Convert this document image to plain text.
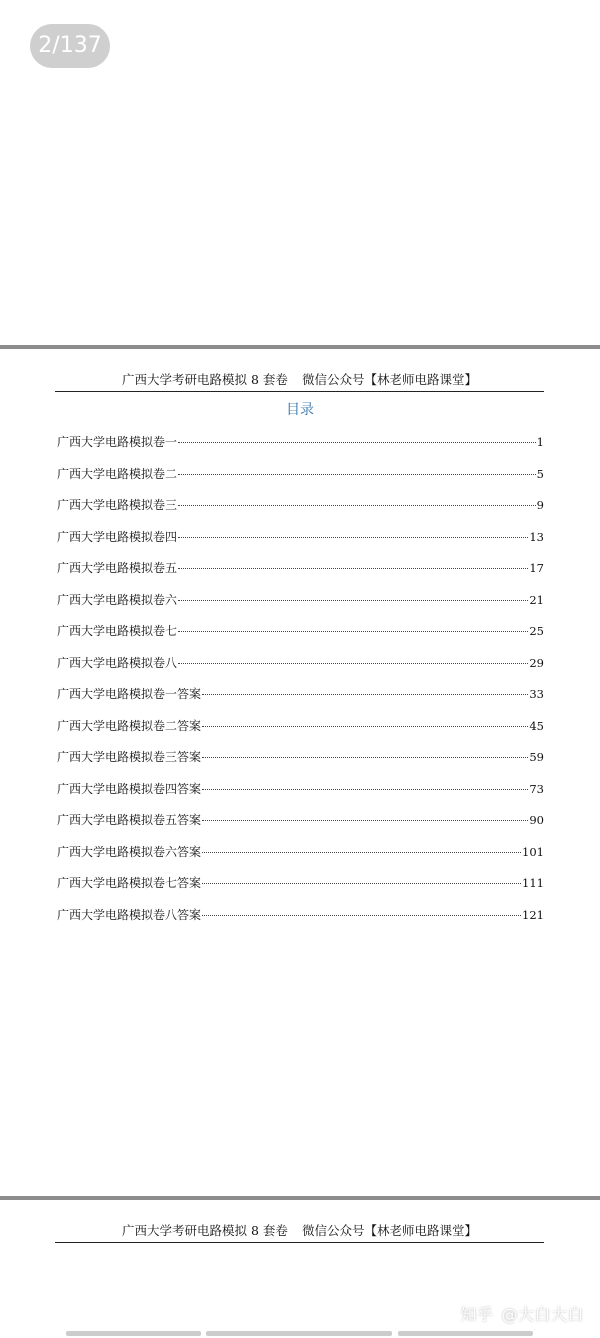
2/137
广西大学考研电路模拟 8 套卷 微信公众号【林老师电路课堂】
目录
广西大学电路模拟卷一	1
广西大学电路模拟卷二	5
广西大学电路模拟卷三	9
广西大学电路模拟卷四	13
广西大学电路模拟卷五	17
广西大学电路模拟卷六	21
广西大学电路模拟卷七	25
广西大学电路模拟卷八	29
广西大学电路模拟卷一答案	33
广西大学电路模拟卷二答案	45
广西大学电路模拟卷三答案	59
广西大学电路模拟卷四答案	73
广西大学电路模拟卷五答案	90
广西大学电路模拟卷六答案	101
广西大学电路模拟卷七答案	111
广西大学电路模拟卷八答案	121
广西大学考研电路模拟 8 套卷 微信公众号【林老师电路课堂】
知乎 @大白大白
